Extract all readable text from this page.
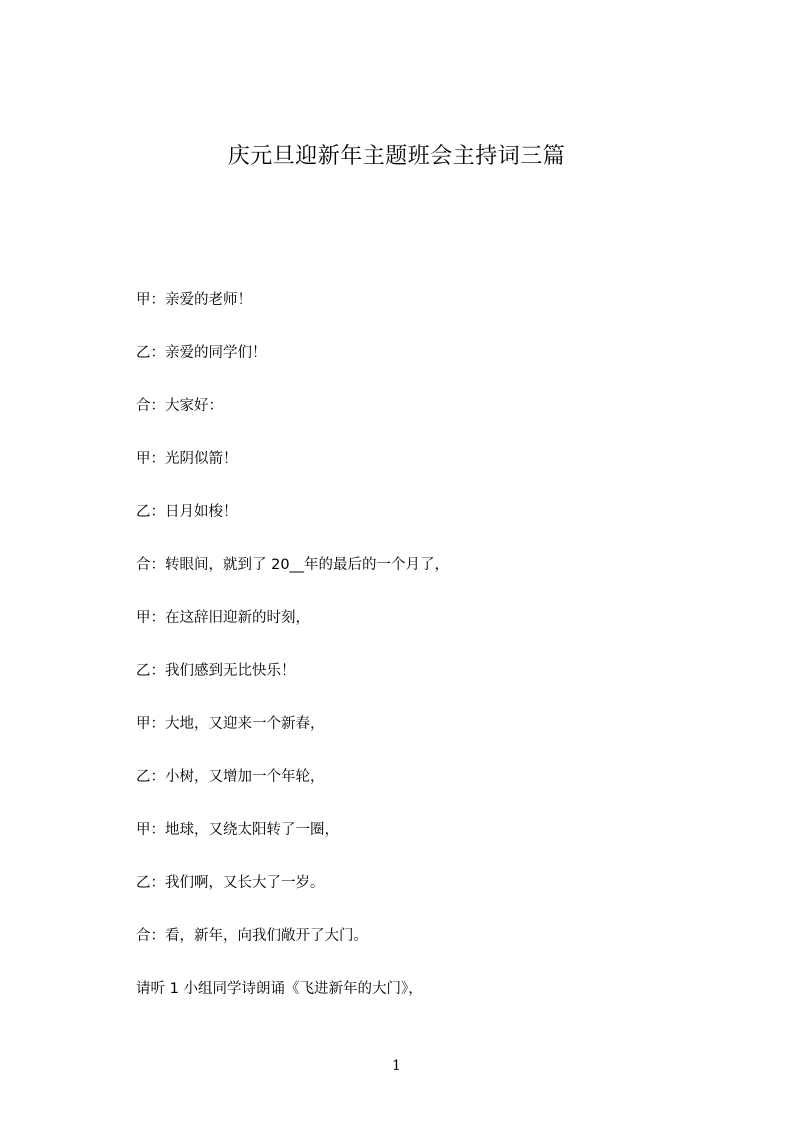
庆元旦迎新年主题班会主持词三篇
甲：亲爱的老师！
乙：亲爱的同学们！
合：大家好：
甲：光阴似箭！
乙：日月如梭！
合：转眼间，就到了 20__年的最后的一个月了，
甲：在这辞旧迎新的时刻，
乙：我们感到无比快乐！
甲：大地，又迎来一个新春，
乙：小树，又增加一个年轮，
甲：地球，又绕太阳转了一圈，
乙：我们啊，又长大了一岁。
合：看，新年，向我们敞开了大门。
请听 1 小组同学诗朗诵《飞进新年的大门》，
1
